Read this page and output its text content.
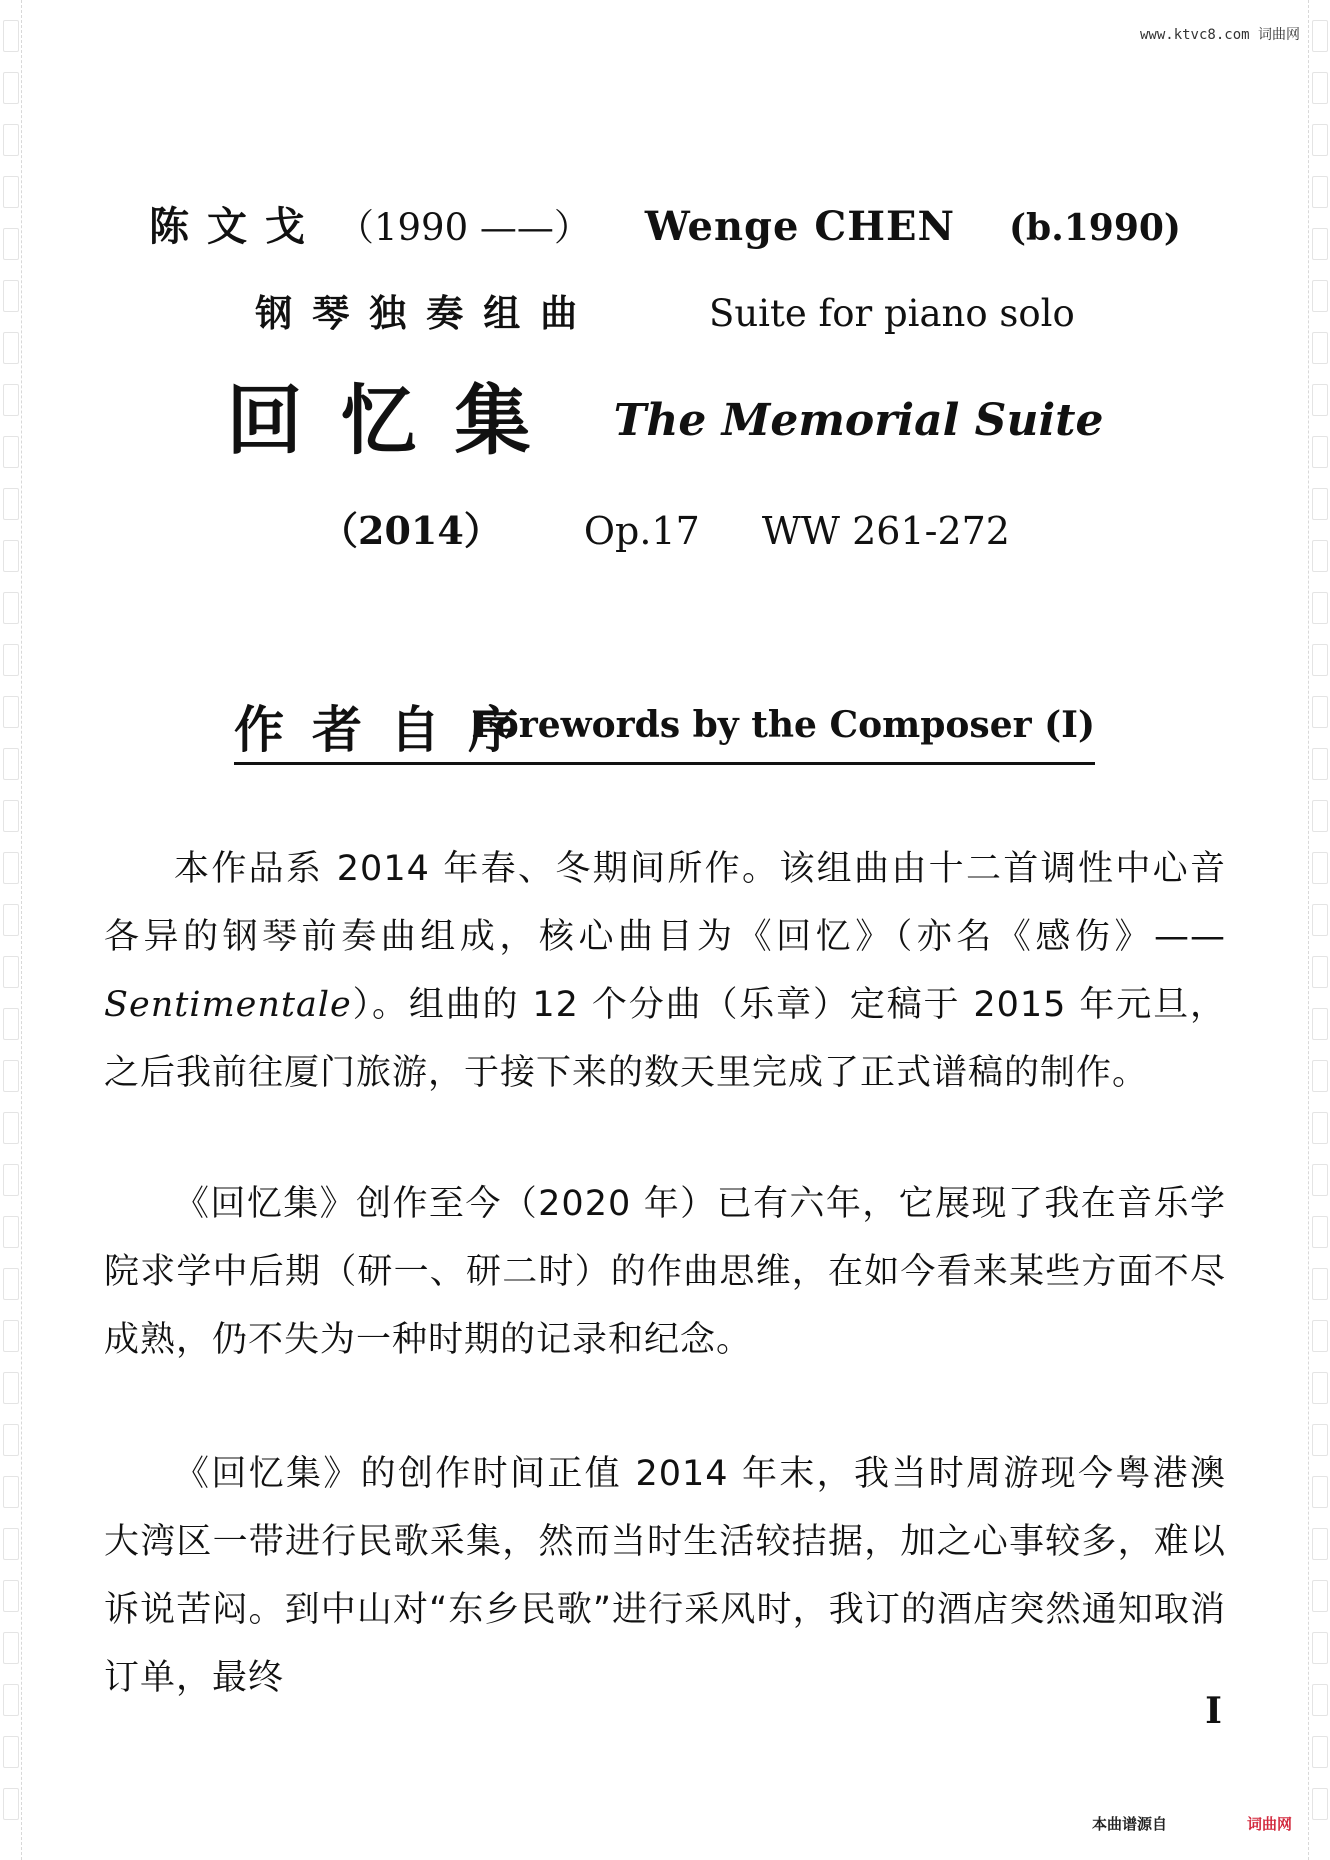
www.ktvc8.com 词曲网
陈文戈 （1990 ——） Wenge CHEN (b.1990)
钢琴独奏组曲	Suite for piano solo
回忆集 The Memorial Suite
（2014） Op.17 WW 261-272
作者自序
Forewords by the Composer (I)
本作品系 2014 年春、冬期间所作。该组曲由十二首调性中心音各异的钢琴前奏曲组成，核心曲目为《回忆》（亦名《感伤》—— Sentimentale）。组曲的 12 个分曲（乐章）定稿于 2015 年元旦，之后我前往厦门旅游，于接下来的数天里完成了正式谱稿的制作。
《回忆集》创作至今（2020 年）已有六年，它展现了我在音乐学院求学中后期（研一、研二时）的作曲思维，在如今看来某些方面不尽成熟，仍不失为一种时期的记录和纪念。
《回忆集》的创作时间正值 2014 年末，我当时周游现今粤港澳大湾区一带进行民歌采集，然而当时生活较拮据，加之心事较多，难以诉说苦闷。到中山对“东乡民歌”进行采风时，我订的酒店突然通知取消订单，最终
I
本曲谱源自	词曲网
